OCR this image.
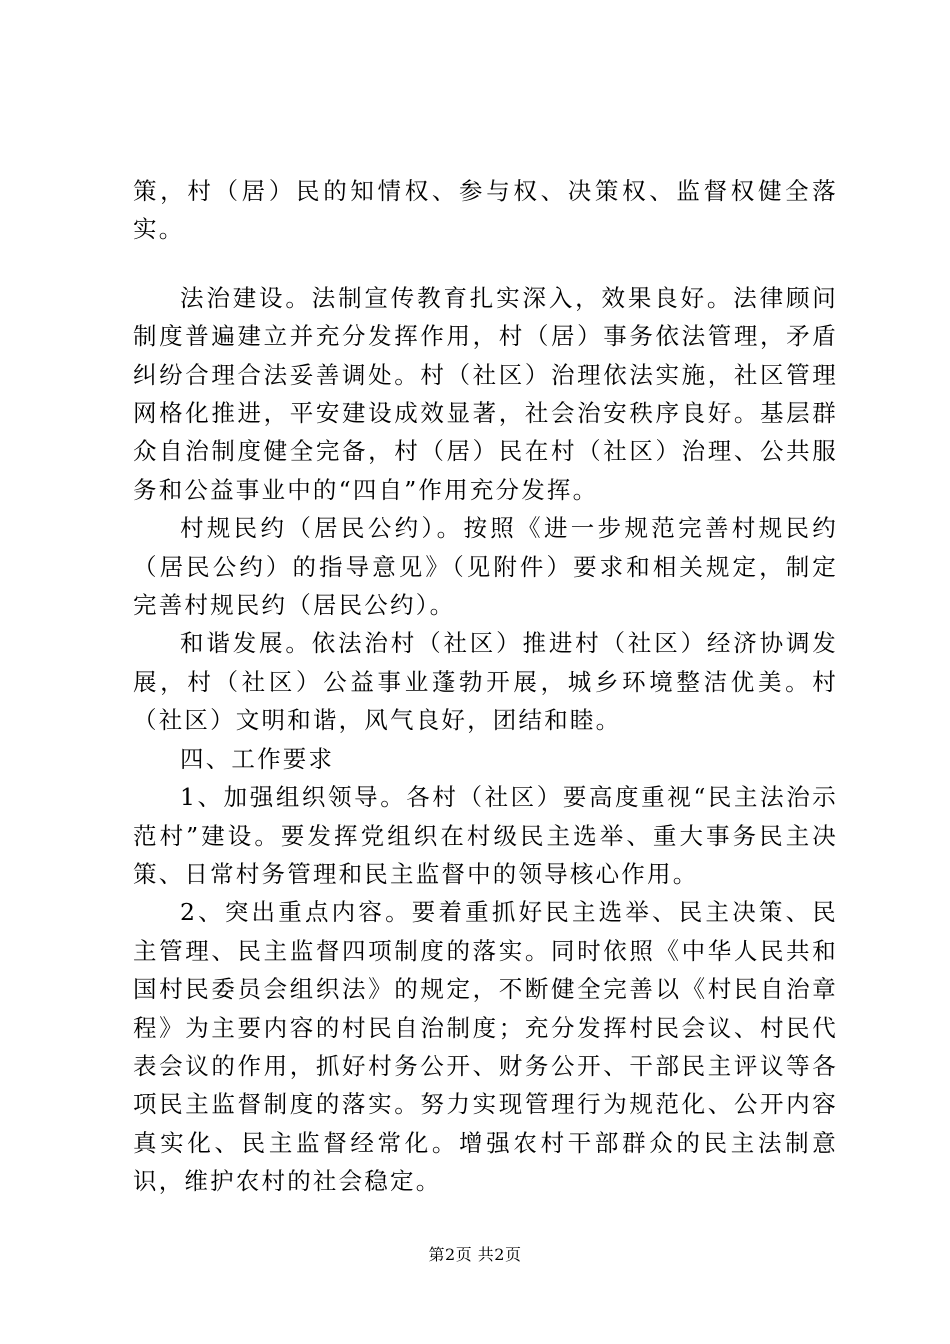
策，村（居）民的知情权、参与权、决策权、监督权健全落实。

法治建设。法制宣传教育扎实深入，效果良好。法律顾问制度普遍建立并充分发挥作用，村（居）事务依法管理，矛盾纠纷合理合法妥善调处。村（社区）治理依法实施，社区管理网格化推进，平安建设成效显著，社会治安秩序良好。基层群众自治制度健全完备，村（居）民在村（社区）治理、公共服务和公益事业中的“四自”作用充分发挥。

村规民约（居民公约）。按照《进一步规范完善村规民约（居民公约）的指导意见》（见附件）要求和相关规定，制定完善村规民约（居民公约）。

和谐发展。依法治村（社区）推进村（社区）经济协调发展，村（社区）公益事业蓬勃开展，城乡环境整洁优美。村（社区）文明和谐，风气良好，团结和睦。

四、工作要求

1、加强组织领导。各村（社区）要高度重视“民主法治示范村”建设。要发挥党组织在村级民主选举、重大事务民主决策、日常村务管理和民主监督中的领导核心作用。

2、突出重点内容。要着重抓好民主选举、民主决策、民主管理、民主监督四项制度的落实。同时依照《中华人民共和国村民委员会组织法》的规定，不断健全完善以《村民自治章程》为主要内容的村民自治制度；充分发挥村民会议、村民代表会议的作用，抓好村务公开、财务公开、干部民主评议等各项民主监督制度的落实。努力实现管理行为规范化、公开内容真实化、民主监督经常化。增强农村干部群众的民主法制意识，维护农村的社会稳定。

第2页 共2页
